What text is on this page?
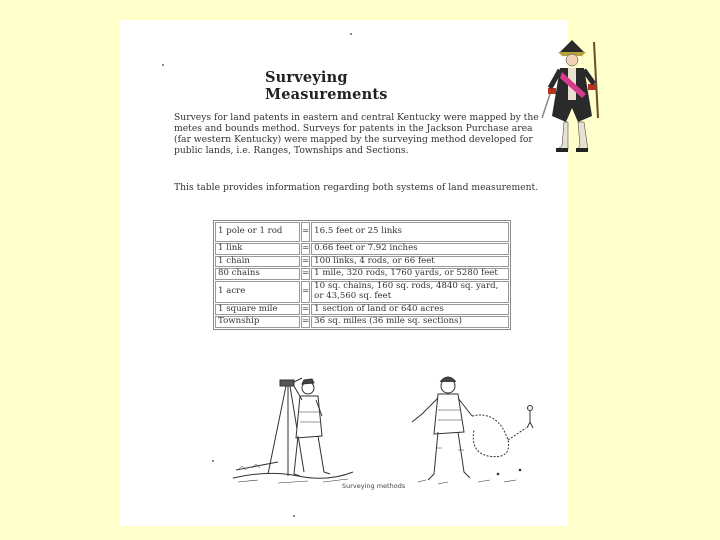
Surveying Measurements
Surveys for land patents in eastern and central Kentucky were mapped by the metes and bounds method. Surveys for patents in the Jackson Purchase area (far western Kentucky) were mapped by the surveying method developed for public lands, i.e. Ranges, Townships and Sections.
This table provides information regarding both systems of land measurement.
1 pole or 1 rod	=	16.5 feet or 25 links
1 link	=	0.66 feet or 7.92 inches
1 chain	=	100 links, 4 rods, or 66 feet
80 chains	=	1 mile, 320 rods, 1760 yards, or 5280 feet
1 acre	=	10 sq. chains, 160 sq. rods, 4840 sq. yard, or 43,560 sq. feet
1 square mile	=	1 section of land or 640 acres
Township	=	36 sq. miles (36 mile sq. sections)
Surveying methods
